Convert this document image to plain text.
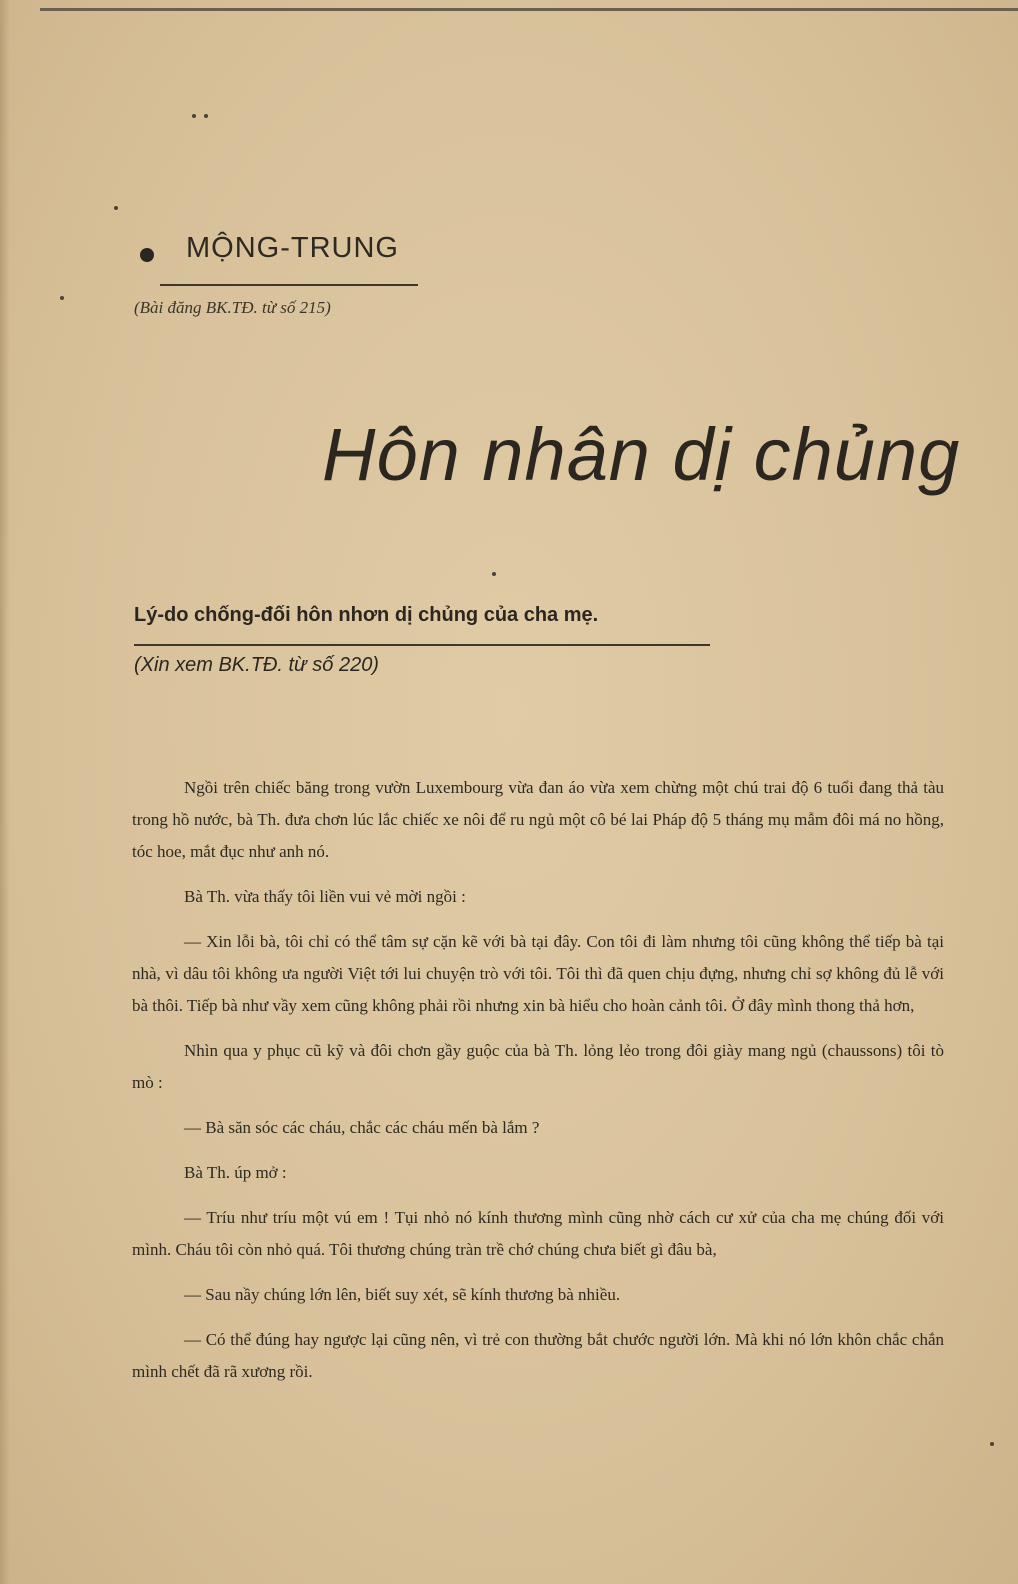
MỘNG-TRUNG
(Bài đăng BK.TĐ. từ số 215)
Hôn nhân dị chủng
Lý-do chống-đối hôn nhơn dị chủng của cha mẹ.
(Xin xem BK.TĐ. từ số 220)

Ngồi trên chiếc băng trong vườn Luxembourg vừa đan áo vừa xem chừng một chú trai độ 6 tuổi đang thả tàu trong hồ nước, bà Th. đưa chơn lúc lắc chiếc xe nôi để ru ngủ một cô bé lai Pháp độ 5 tháng mụ mẫm đôi má no hồng, tóc hoe, mắt đục như anh nó.

Bà Th. vừa thấy tôi liền vui vẻ mời ngồi :

— Xin lỗi bà, tôi chỉ có thể tâm sự cặn kẽ với bà tại đây. Con tôi đi làm nhưng tôi cũng không thể tiếp bà tại nhà, vì dâu tôi không ưa người Việt tới lui chuyện trò với tôi. Tôi thì đã quen chịu đựng, nhưng chỉ sợ không đủ lễ với bà thôi. Tiếp bà như vầy xem cũng không phải rồi nhưng xin bà hiểu cho hoàn cảnh tôi. Ở đây mình thong thả hơn,

Nhìn qua y phục cũ kỹ và đôi chơn gầy guộc của bà Th. lỏng lẻo trong đôi giày mang ngủ (chaussons) tôi tò mò :

— Bà săn sóc các cháu, chắc các cháu mến bà lắm ?

Bà Th. úp mở :

— Tríu như tríu một vú em ! Tụi nhỏ nó kính thương mình cũng nhờ cách cư xử của cha mẹ chúng đối với mình. Cháu tôi còn nhỏ quá. Tôi thương chúng tràn trề chớ chúng chưa biết gì đâu bà,

— Sau nầy chúng lớn lên, biết suy xét, sẽ kính thương bà nhiều.

— Có thể đúng hay ngược lại cũng nên, vì trẻ con thường bắt chước người lớn. Mà khi nó lớn khôn chắc chắn mình chết đã rã xương rồi.
